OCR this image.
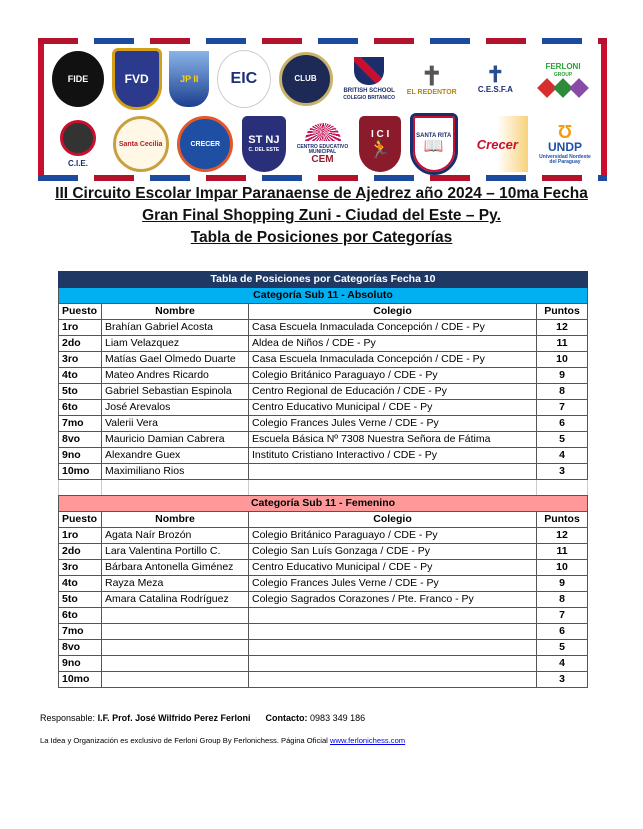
FIDE	FVD	JP II EIC	CLUB
BRITISH SCHOOL
COLEGIO BRITANICO
✝
EL REDENTOR
✝
C.E.S.F.A
FERLONI
GROUP
C.I.E.
Santa Cecilia	CRECER	ST NJ
C. DEL ESTE	CENTRO EDUCATIVO MUNICIPAL
CEM
I C I
🏃
SANTA RITA
📖	Crecer
Ʊ
UNDP
Universidad Nordeste del Paraguay
III Circuito Escolar Impar Paranaense de Ajedrez año 2024 – 10ma Fecha
Gran Final Shopping Zuni - Ciudad del Este – Py.
Tabla de Posiciones por Categorías
Tabla de Posiciones por Categorías Fecha 10			
Categoría Sub 11 - Absoluto			
Puesto	Nombre	Colegio	Puntos
1ro	Brahían Gabriel Acosta	Casa Escuela Inmaculada Concepción / CDE - Py	12
2do	Liam Velazquez	Aldea de Niños / CDE - Py	11
3ro	Matías Gael Olmedo Duarte	Casa Escuela Inmaculada Concepción / CDE - Py	10
4to	Mateo Andres Ricardo	Colegio Británico Paraguayo / CDE - Py	9
5to	Gabriel Sebastian Espinola	Centro Regional de Educación / CDE - Py	8
6to	José Arevalos	Centro Educativo Municipal / CDE - Py	7
7mo	Valerii Vera	Colegio Frances Jules Verne / CDE - Py	6
8vo	Mauricio Damian Cabrera	Escuela Básica Nº 7308 Nuestra Señora de Fátima	5
9no	Alexandre Guex	Instituto Cristiano Interactivo / CDE - Py	4
10mo	Maximiliano Rios		3

Categoría Sub 11 - Femenino			
Puesto	Nombre	Colegio	Puntos
1ro	Agata Naír Brozón	Colegio Británico Paraguayo / CDE - Py	12
2do	Lara Valentina Portillo C.	Colegio San Luís Gonzaga / CDE - Py	11
3ro	Bárbara Antonella Giménez	Centro Educativo Municipal / CDE - Py	10
4to	Rayza Meza	Colegio Frances Jules Verne / CDE - Py	9
5to	Amara Catalina Rodríguez	Colegio Sagrados Corazones / Pte. Franco - Py	8
6to			7
7mo			6
8vo			5
9no			4
10mo			3
Responsable: I.F. Prof. José Wilfrido Perez Ferloni Contacto: 0983 349 186
La Idea y Organización es exclusivo de Ferloni Group By Ferlonichess. Página Oficial www.ferlonichess.com
